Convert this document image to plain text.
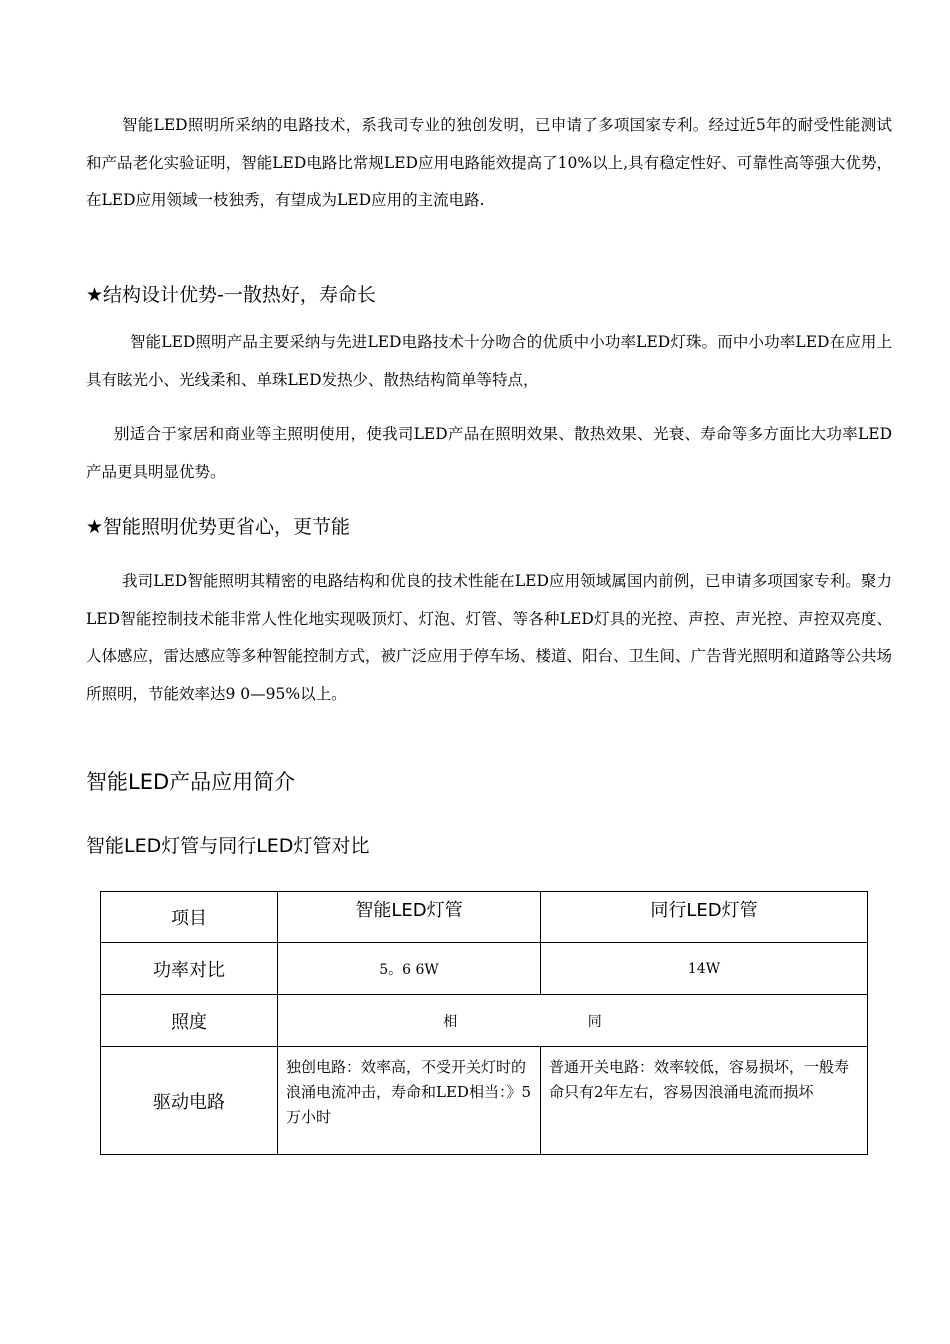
智能LED照明所采纳的电路技术，系我司专业的独创发明，已申请了多项国家专利。经过近5年的耐受性能测试和产品老化实验证明，智能LED电路比常规LED应用电路能效提高了10%以上,具有稳定性好、可靠性高等强大优势，在LED应用领域一枝独秀，有望成为LED应用的主流电路.

★结构设计优势-一散热好，寿命长

智能LED照明产品主要采纳与先进LED电路技术十分吻合的优质中小功率LED灯珠。而中小功率LED在应用上具有眩光小、光线柔和、单珠LED发热少、散热结构简单等特点，

别适合于家居和商业等主照明使用，使我司LED产品在照明效果、散热效果、光衰、寿命等多方面比大功率LED产品更具明显优势。

★智能照明优势更省心，更节能

我司LED智能照明其精密的电路结构和优良的技术性能在LED应用领域属国内前例，已申请多项国家专利。聚力LED智能控制技术能非常人性化地实现吸顶灯、灯泡、灯管、等各种LED灯具的光控、声控、声光控、声控双亮度、人体感应，雷达感应等多种智能控制方式，被广泛应用于停车场、楼道、阳台、卫生间、广告背光照明和道路等公共场所照明，节能效率达9 0—95%以上。

智能LED产品应用简介
智能LED灯管与同行LED灯管对比
项目	智能LED灯管	同行LED灯管
功率对比	5。6 6W	14W
照度	相 同	

驱动电路	独创电路：效率高，不受开关灯时的浪涌电流冲击，寿命和LED相当：》5万小时	普通开关电路：效率较低，容易损坏，一般寿命只有2年左右，容易因浪涌电流而损坏
